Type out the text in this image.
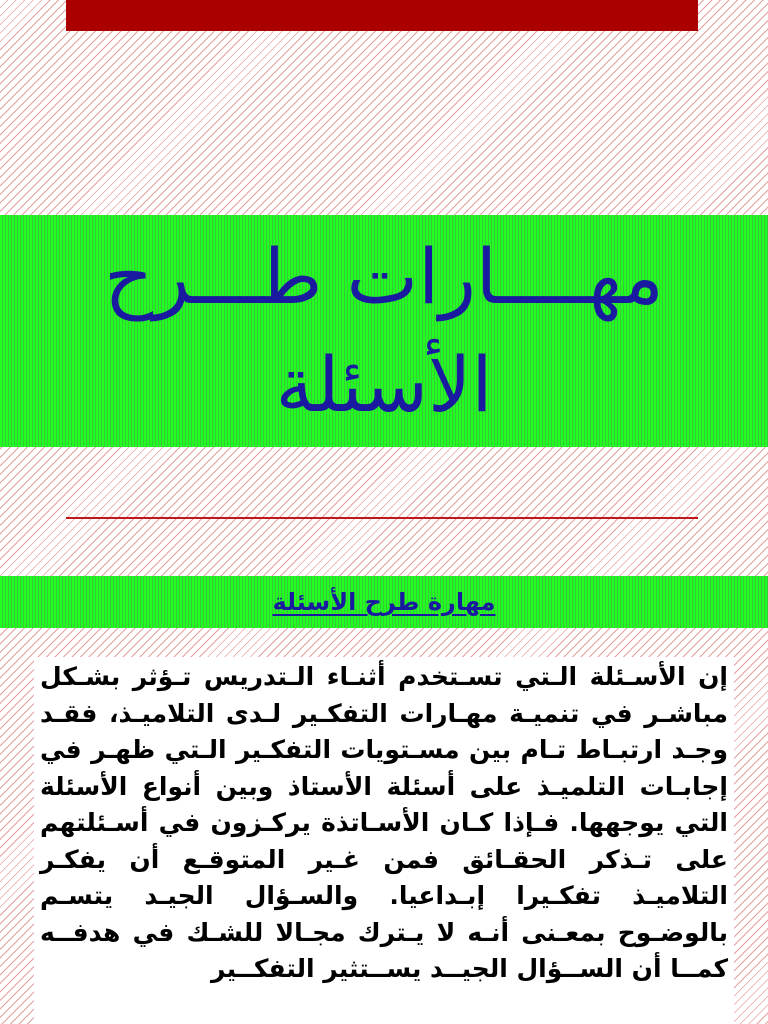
مهــــارات طـــرح الأسئلة
مهارة طرح الأسئلة

إن الأسـئلة الـتي تسـتخدم أثنـاء الـتدريس تـؤثر بشـكل مباشـر في تنميـة مهـارات التفكـير لـدى التلاميـذ، فقـد وجـد ارتبـاط تـام بين مسـتويات التفكـير الـتي ظهـر في إجابـات التلميـذ على أسئلة الأستاذ وبين أنواع الأسئلة التي يوجهها. فـإذا كـان الأسـاتذة يركـزون في أسـئلتهم على تـذكر الحقـائق فمن غـير المتوقـع أن يفكـر التلاميـذ تفكـيرا إبـداعيا. والسـؤال الجيـد يتسـم بالوضـوح بمعـنى أنـه لا يـترك مجـالا للشـك في هدفــه كمــا أن الســؤال الجيــد يســتثير التفكــير
